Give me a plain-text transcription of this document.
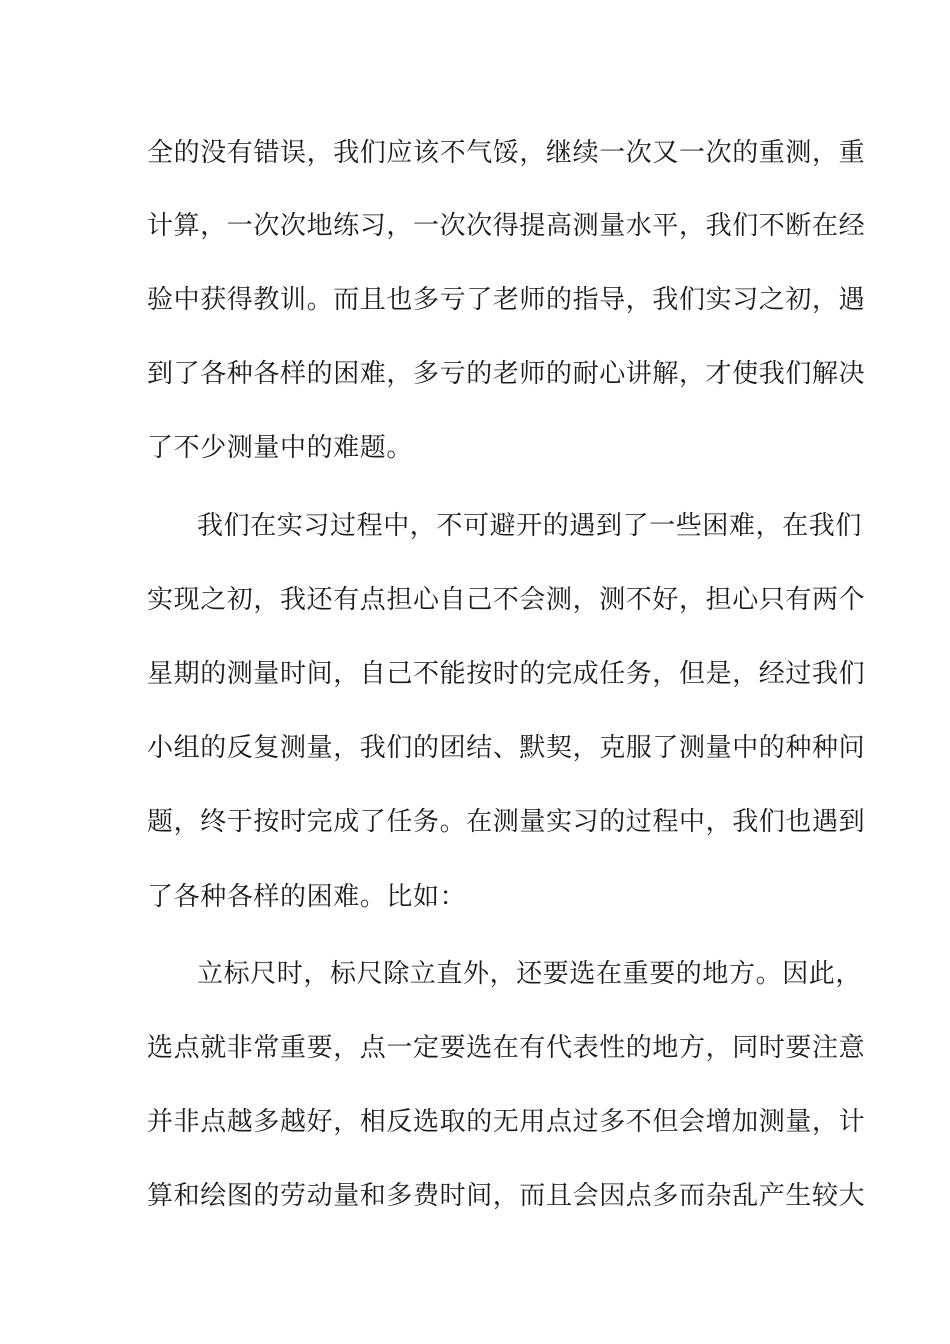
全的没有错误，我们应该不气馁，继续一次又一次的重测，重
计算，一次次地练习，一次次得提高测量水平，我们不断在经
验中获得教训。而且也多亏了老师的指导，我们实习之初，遇
到了各种各样的困难，多亏的老师的耐心讲解，才使我们解决
了不少测量中的难题。
我们在实习过程中，不可避开的遇到了一些困难，在我们
实现之初，我还有点担心自己不会测，测不好，担心只有两个
星期的测量时间，自己不能按时的完成任务，但是，经过我们
小组的反复测量，我们的团结、默契，克服了测量中的种种问
题，终于按时完成了任务。在测量实习的过程中，我们也遇到
了各种各样的困难。比如：
立标尺时，标尺除立直外，还要选在重要的地方。因此，
选点就非常重要，点一定要选在有代表性的地方，同时要注意
并非点越多越好，相反选取的无用点过多不但会增加测量，计
算和绘图的劳动量和多费时间，而且会因点多而杂乱产生较大
